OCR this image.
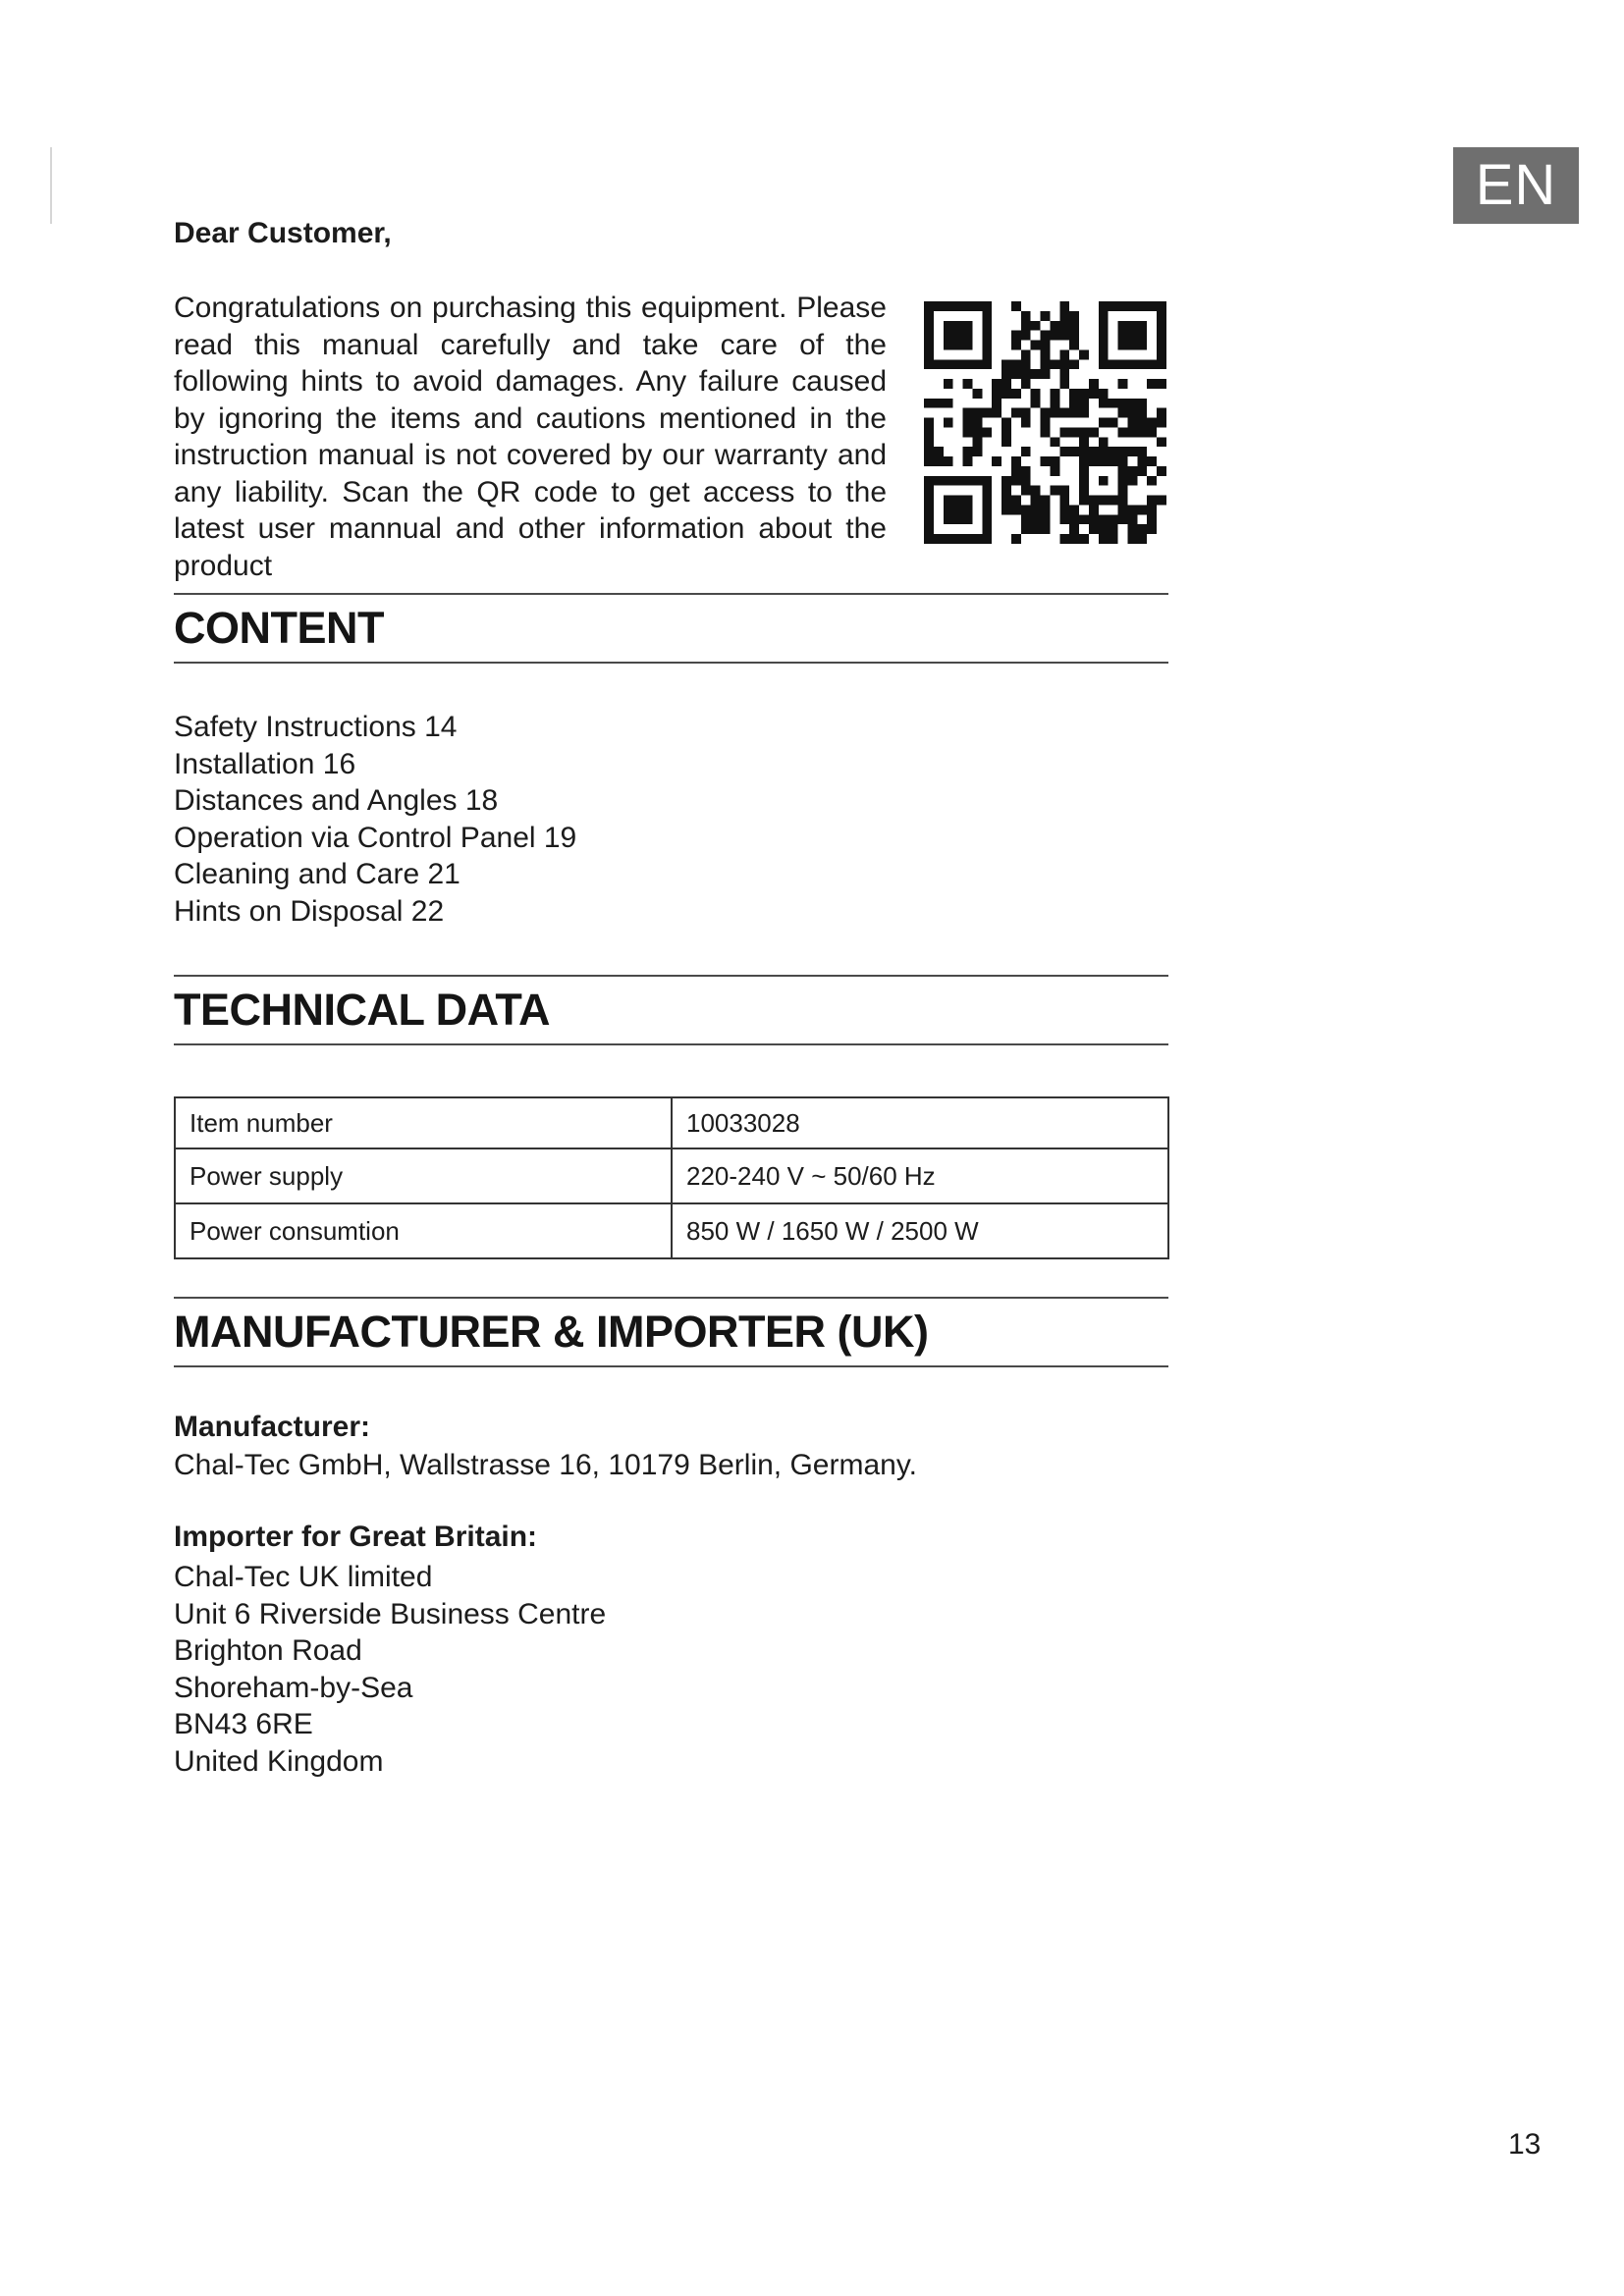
EN

Dear Customer,

Congratulations on purchasing this equipment. Please read this manual carefully and take care of the following hints to avoid damages. Any failure caused by ignoring the items and cautions mentioned in the instruction manual is not covered by our warranty and any liability. Scan the QR code to get access to the latest user mannual and other information about the product

CONTENT
Safety Instructions 14
Installation 16
Distances and Angles 18
Operation via Control Panel 19
Cleaning and Care 21
Hints on Disposal 22
TECHNICAL DATA
Item number	10033028
Power supply	220-240 V ~ 50/60 Hz
Power consumtion	850 W / 1650 W / 2500 W
MANUFACTURER & IMPORTER (UK)

Manufacturer:

Chal-Tec GmbH, Wallstrasse 16, 10179 Berlin, Germany.

Importer for Great Britain:

Chal-Tec UK limited
Unit 6 Riverside Business Centre
Brighton Road
Shoreham-by-Sea
BN43 6RE
United Kingdom
13
